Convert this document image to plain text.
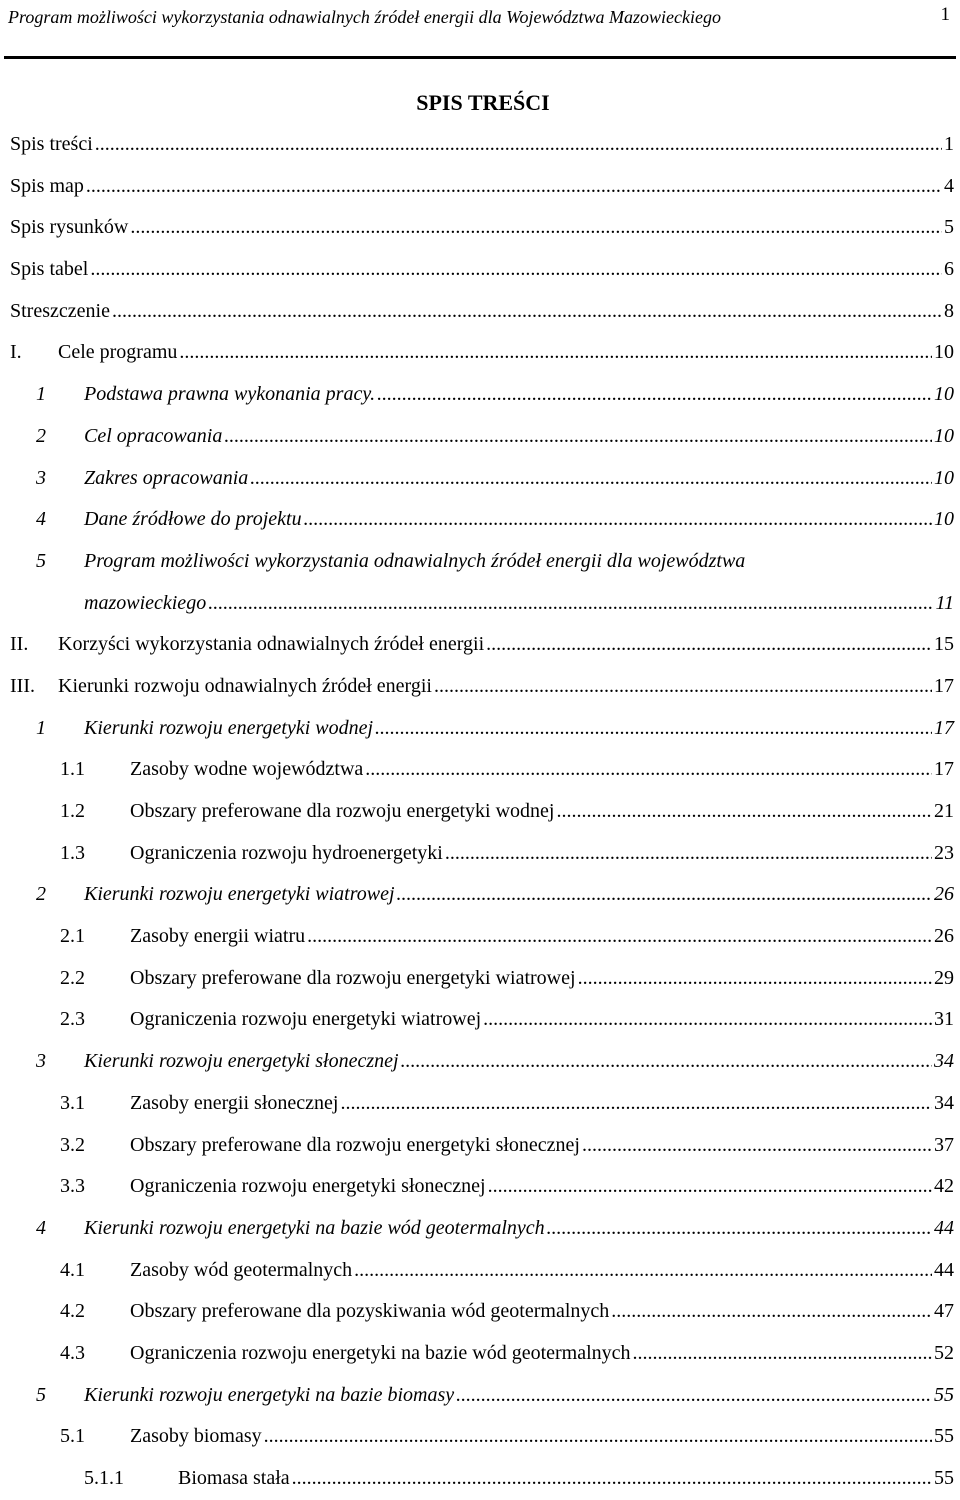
Program możliwości wykorzystania odnawialnych źródeł energii dla Województwa Mazowieckiego	1
SPIS TREŚCI
Spis treści .....	1
Spis map .....	4
Spis rysunków .....	5
Spis tabel .....	6
Streszczenie .....	8
I. Cele programu .....	10
1 Podstawa prawna wykonania pracy. .....	10
2 Cel opracowania .....	10
3 Zakres opracowania .....	10
4 Dane źródłowe do projektu .....	10
5 Program możliwości wykorzystania odnawialnych źródeł energii dla województwa
mazowieckiego .....	11
II. Korzyści wykorzystania odnawialnych źródeł energii .....	15
III. Kierunki rozwoju odnawialnych źródeł energii .....	17
1 Kierunki rozwoju energetyki wodnej .....	17
1.1 Zasoby wodne województwa .....	17
1.2 Obszary preferowane dla rozwoju energetyki wodnej .....	21
1.3 Ograniczenia rozwoju hydroenergetyki .....	23
2 Kierunki rozwoju energetyki wiatrowej .....	26
2.1 Zasoby energii wiatru .....	26
2.2 Obszary preferowane dla rozwoju energetyki wiatrowej .....	29
2.3 Ograniczenia rozwoju energetyki wiatrowej .....	31
3 Kierunki rozwoju energetyki słonecznej .....	34
3.1 Zasoby energii słonecznej .....	34
3.2 Obszary preferowane dla rozwoju energetyki słonecznej .....	37
3.3 Ograniczenia rozwoju energetyki słonecznej .....	42
4 Kierunki rozwoju energetyki na bazie wód geotermalnych .....	44
4.1 Zasoby wód geotermalnych .....	44
4.2 Obszary preferowane dla pozyskiwania wód geotermalnych .....	47
4.3 Ograniczenia rozwoju energetyki na bazie wód geotermalnych .....	52
5 Kierunki rozwoju energetyki na bazie biomasy .....	55
5.1 Zasoby biomasy .....	55
5.1.1	Biomasa stała .....	55
